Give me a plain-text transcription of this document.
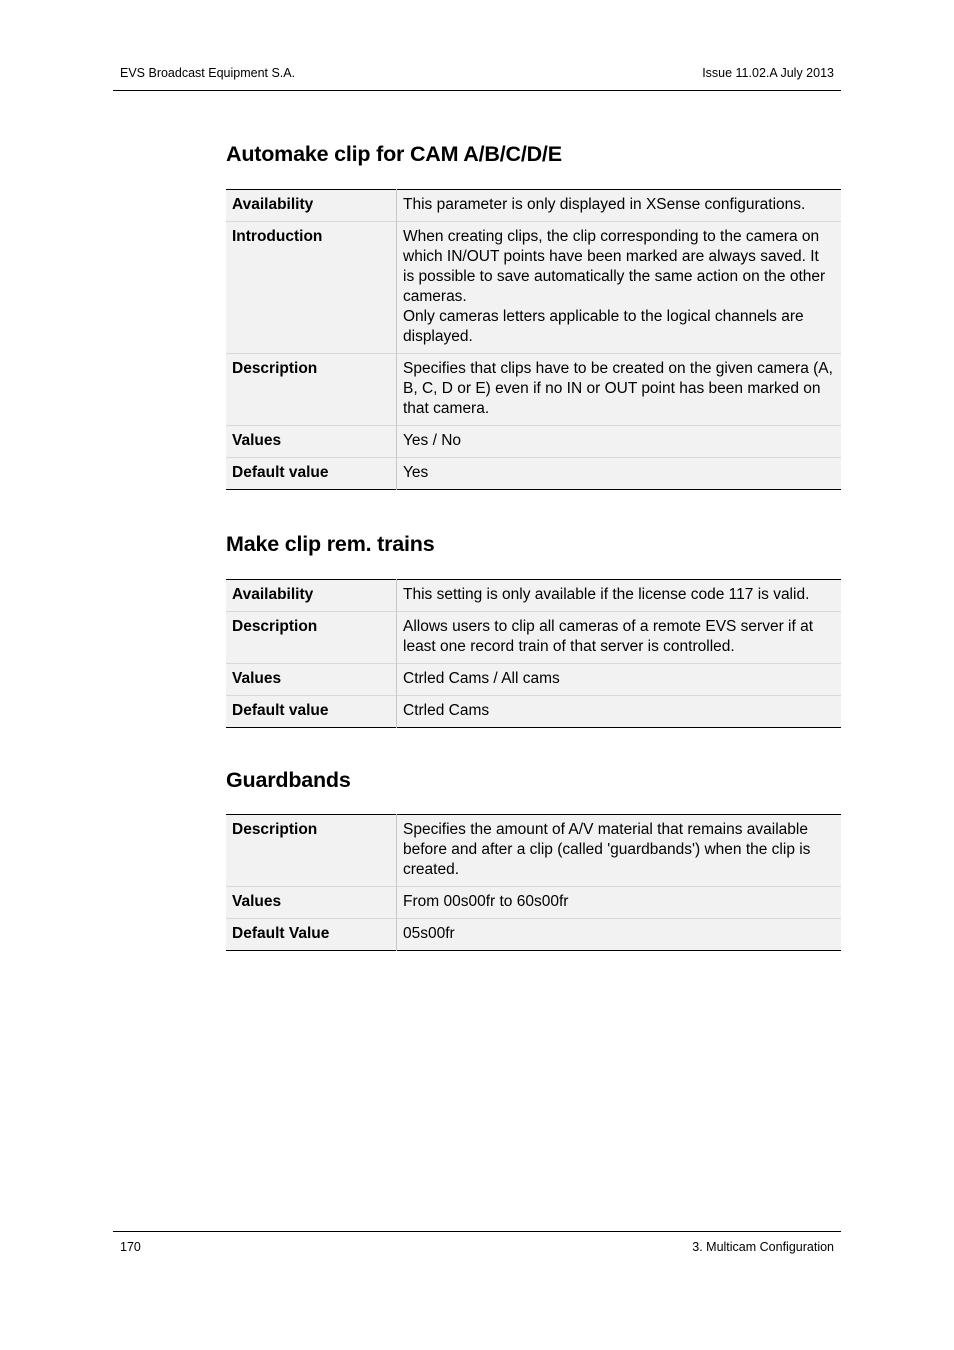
EVS Broadcast Equipment S.A.	Issue 11.02.A July 2013
Automake clip for CAM A/B/C/D/E
Availability	This parameter is only displayed in XSense configurations.

Introduction	When creating clips, the clip corresponding to the camera on which IN/OUT points have been marked are always saved. It is possible to save automatically the same action on the other cameras.
Only cameras letters applicable to the logical channels are displayed.

Description	Specifies that clips have to be created on the given camera (A, B, C, D or E) even if no IN or OUT point has been marked on that camera.

Values	Yes / No

Default value	Yes
Make clip rem. trains
Availability	This setting is only available if the license code 117 is valid.

Description	Allows users to clip all cameras of a remote EVS server if at least one record train of that server is controlled.

Values	Ctrled Cams / All cams

Default value	Ctrled Cams
Guardbands
Description	Specifies the amount of A/V material that remains available before and after a clip (called 'guardbands') when the clip is created.

Values	From 00s00fr to 60s00fr

Default Value	05s00fr
170	3. Multicam Configuration
